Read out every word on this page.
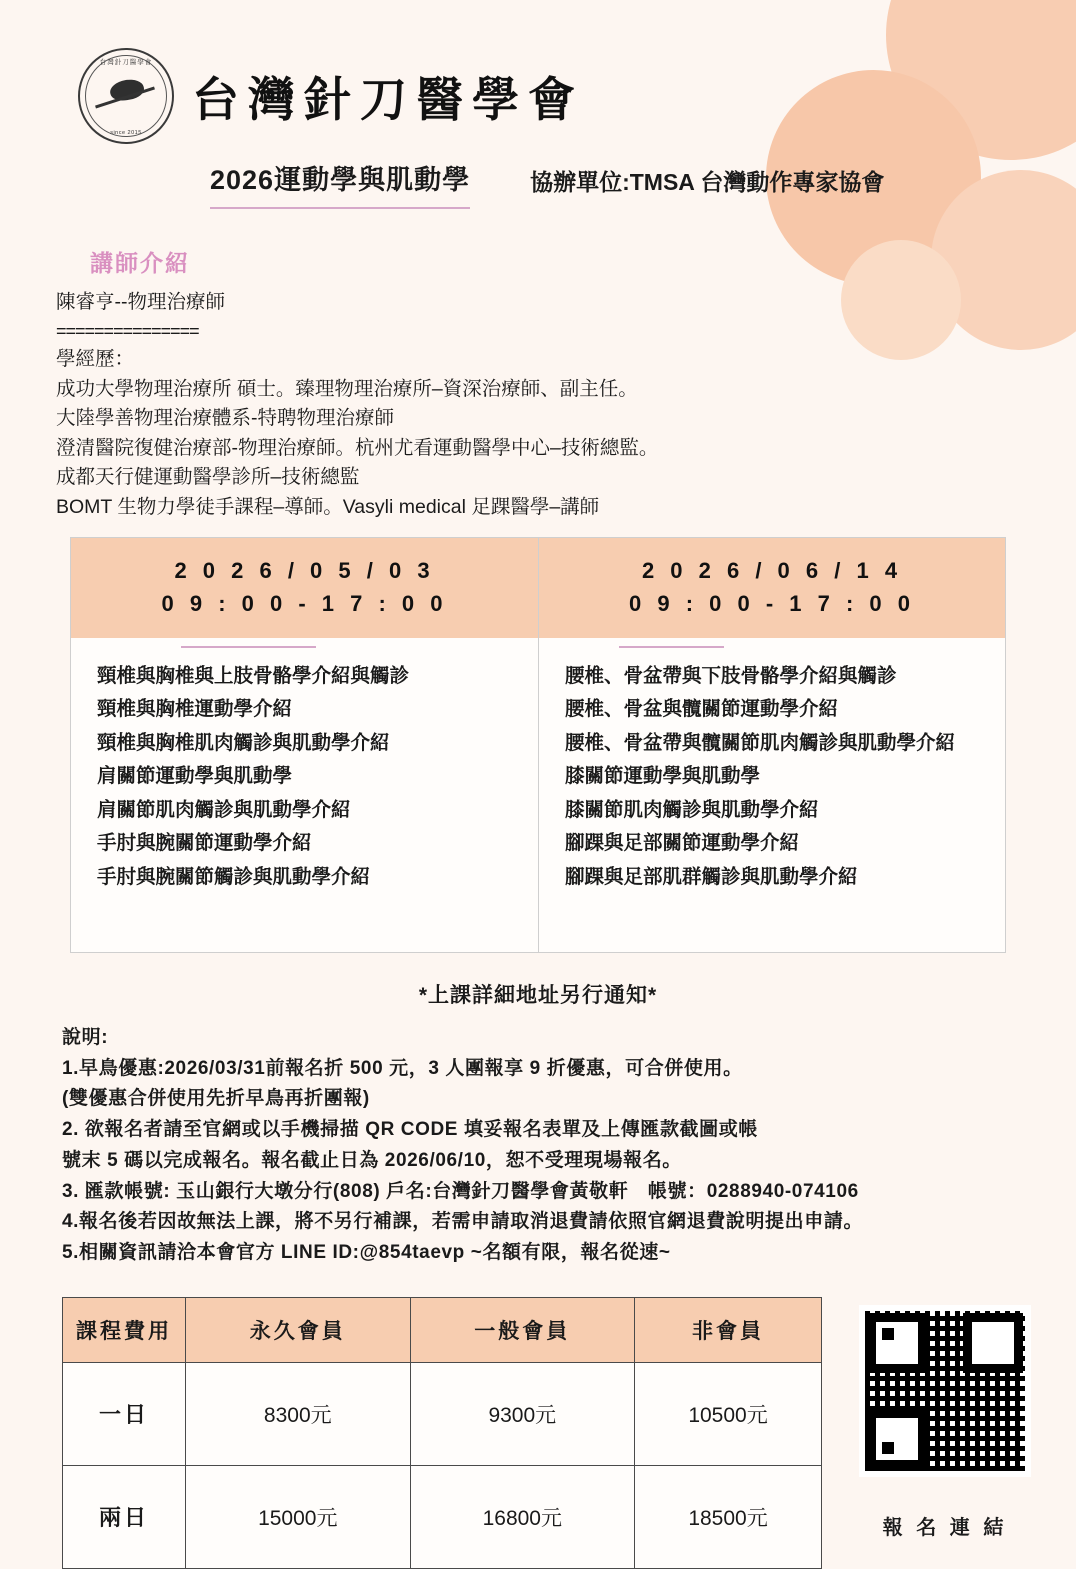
台灣針刀醫學會
since 2015
台灣針刀醫學會
2026運動學與肌動學	協辦單位:TMSA 台灣動作專家協會
講師介紹
陳睿亨--物理治療師
===============
學經歷：
成功大學物理治療所 碩士。臻理物理治療所–資深治療師、副主任。
大陸學善物理治療體系-特聘物理治療師
澄清醫院復健治療部-物理治療師。杭州尤看運動醫學中心–技術總監。
成都天行健運動醫學診所–技術總監
BOMT 生物力學徒手課程–導師。Vasyli medical 足踝醫學–講師
2 0 2 6 / 0 5 / 0 3
0 9 : 0 0 - 1 7 : 0 0
頸椎與胸椎與上肢骨骼學介紹與觸診
頸椎與胸椎運動學介紹
頸椎與胸椎肌肉觸診與肌動學介紹
肩關節運動學與肌動學
肩關節肌肉觸診與肌動學介紹
手肘與腕關節運動學介紹
手肘與腕關節觸診與肌動學介紹
2 0 2 6 / 0 6 / 1 4
0 9 : 0 0 - 1 7 : 0 0
腰椎、骨盆帶與下肢骨骼學介紹與觸診
腰椎、骨盆與髖關節運動學介紹
腰椎、骨盆帶與髖關節肌肉觸診與肌動學介紹
膝關節運動學與肌動學
膝關節肌肉觸診與肌動學介紹
腳踝與足部關節運動學介紹
腳踝與足部肌群觸診與肌動學介紹
*上課詳細地址另行通知*
說明:
1.早鳥優惠:2026/03/31前報名折 500 元，3 人團報享 9 折優惠，可合併使用。
(雙優惠合併使用先折早鳥再折團報)
2. 欲報名者請至官網或以手機掃描 QR CODE 填妥報名表單及上傳匯款截圖或帳
號末 5 碼以完成報名。報名截止日為 2026/06/10，恕不受理現場報名。
3. 匯款帳號: 玉山銀行大墩分行(808) 戶名:台灣針刀醫學會黃敬軒　帳號：0288940-074106
4.報名後若因故無法上課，將不另行補課，若需申請取消退費請依照官網退費說明提出申請。
5.相關資訊請洽本會官方 LINE ID:@854taevp ~名額有限，報名從速~
課程費用	永久會員	一般會員	非會員
一日	8300元	9300元	10500元
兩日	15000元	16800元	18500元	報 名 連 結
